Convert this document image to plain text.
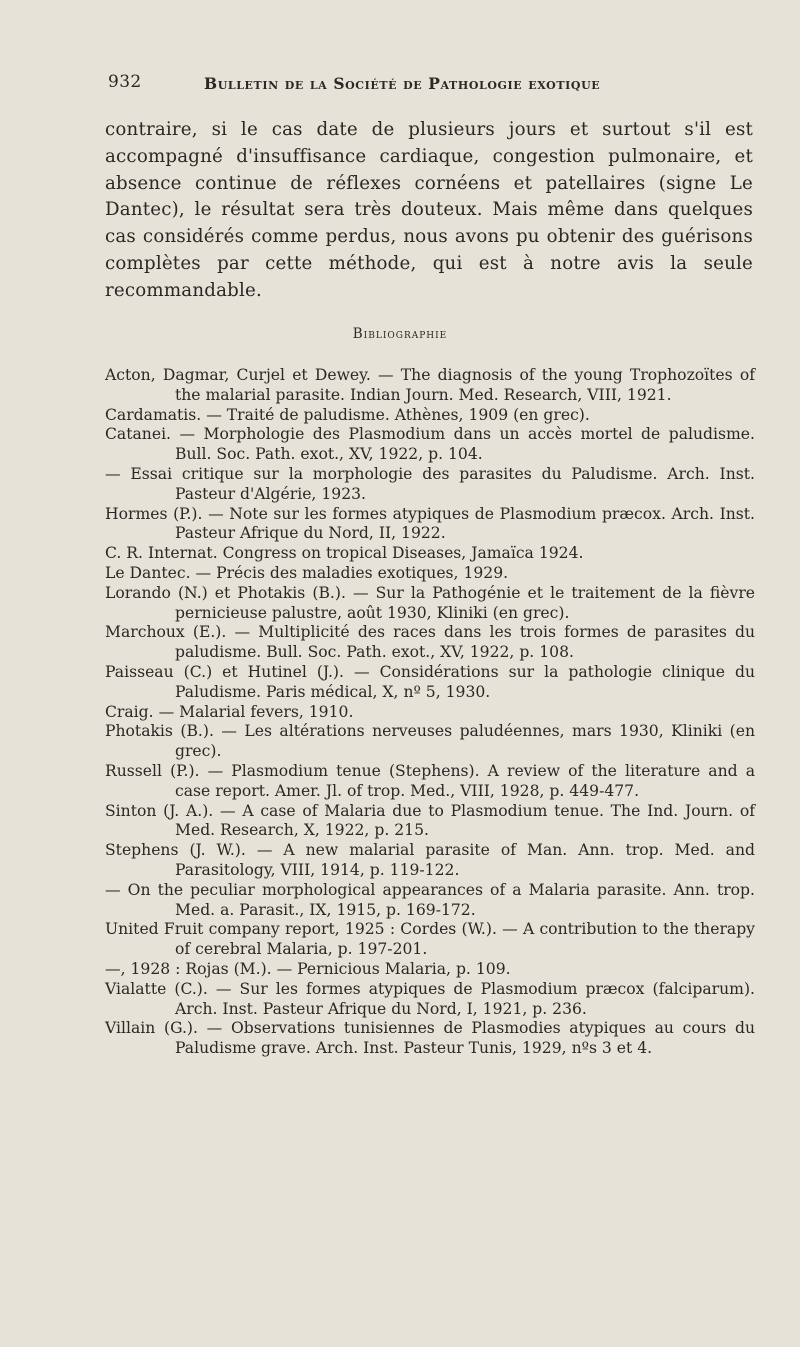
932	Bulletin de la Société de Pathologie exotique
contraire, si le cas date de plusieurs jours et surtout s'il est accompagné d'insuffisance cardiaque, congestion pulmonaire, et absence continue de réflexes cornéens et patellaires (signe Le Dantec), le résultat sera très douteux. Mais même dans quelques cas considérés comme perdus, nous avons pu obtenir des guérisons complètes par cette méthode, qui est à notre avis la seule recommandable.
Bibliographie

Acton, Dagmar, Curjel et Dewey. — The diagnosis of the young Trophozoïtes of the malarial parasite. Indian Journ. Med. Research, VIII, 1921.

Cardamatis. — Traité de paludisme. Athènes, 1909 (en grec).

Catanei. — Morphologie des Plasmodium dans un accès mortel de paludisme. Bull. Soc. Path. exot., XV, 1922, p. 104.

— Essai critique sur la morphologie des parasites du Paludisme. Arch. Inst. Pasteur d'Algérie, 1923.

Hormes (P.). — Note sur les formes atypiques de Plasmodium præcox. Arch. Inst. Pasteur Afrique du Nord, II, 1922.

C. R. Internat. Congress on tropical Diseases, Jamaïca 1924.

Le Dantec. — Précis des maladies exotiques, 1929.

Lorando (N.) et Photakis (B.). — Sur la Pathogénie et le traitement de la fièvre pernicieuse palustre, août 1930, Kliniki (en grec).

Marchoux (E.). — Multiplicité des races dans les trois formes de parasites du paludisme. Bull. Soc. Path. exot., XV, 1922, p. 108.

Paisseau (C.) et Hutinel (J.). — Considérations sur la pathologie clinique du Paludisme. Paris médical, X, nº 5, 1930.

Craig. — Malarial fevers, 1910.

Photakis (B.). — Les altérations nerveuses paludéennes, mars 1930, Kliniki (en grec).

Russell (P.). — Plasmodium tenue (Stephens). A review of the literature and a case report. Amer. Jl. of trop. Med., VIII, 1928, p. 449-477.

Sinton (J. A.). — A case of Malaria due to Plasmodium tenue. The Ind. Journ. of Med. Research, X, 1922, p. 215.

Stephens (J. W.). — A new malarial parasite of Man. Ann. trop. Med. and Parasitology, VIII, 1914, p. 119-122.

— On the peculiar morphological appearances of a Malaria parasite. Ann. trop. Med. a. Parasit., IX, 1915, p. 169-172.

United Fruit company report, 1925 : Cordes (W.). — A contribution to the therapy of cerebral Malaria, p. 197-201.

—, 1928 : Rojas (M.). — Pernicious Malaria, p. 109.

Vialatte (C.). — Sur les formes atypiques de Plasmodium præcox (falciparum). Arch. Inst. Pasteur Afrique du Nord, I, 1921, p. 236.

Villain (G.). — Observations tunisiennes de Plasmodies atypiques au cours du Paludisme grave. Arch. Inst. Pasteur Tunis, 1929, nºs 3 et 4.
